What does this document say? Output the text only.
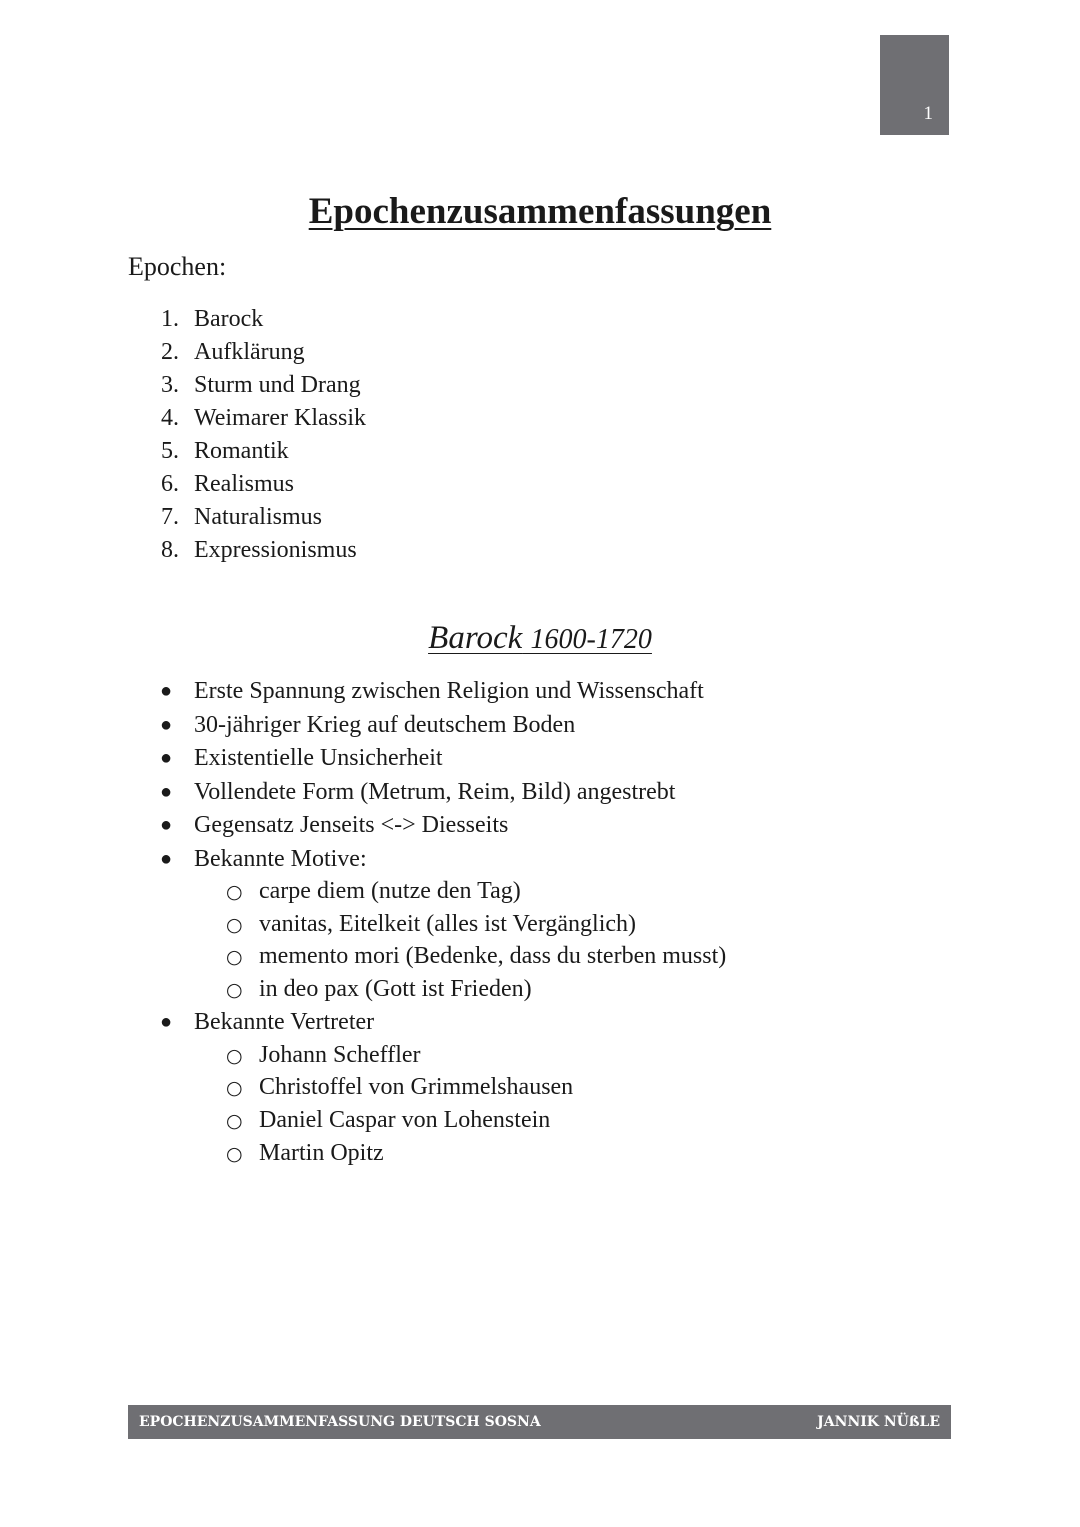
1
Epochenzusammenfassungen

Epochen:

1. Barock
2. Aufklärung
3. Sturm und Drang
4. Weimarer Klassik
5. Romantik
6. Realismus
7. Naturalismus
8. Expressionismus
Barock 1600-1720
● Erste Spannung zwischen Religion und Wissenschaft
● 30-jähriger Krieg auf deutschem Boden
● Existentielle Unsicherheit
● Vollendete Form (Metrum, Reim, Bild) angestrebt
● Gegensatz Jenseits <-> Diesseits
● Bekannte Motive:
○ carpe diem (nutze den Tag)
○ vanitas, Eitelkeit (alles ist Vergänglich)
○ memento mori (Bedenke, dass du sterben musst)
○ in deo pax (Gott ist Frieden)
● Bekannte Vertreter
○ Johann Scheffler
○ Christoffel von Grimmelshausen
○ Daniel Caspar von Lohenstein
○ Martin Opitz
EPOCHENZUSAMMENFASSUNG DEUTSCH SOSNA	JANNIK NÜßLE
